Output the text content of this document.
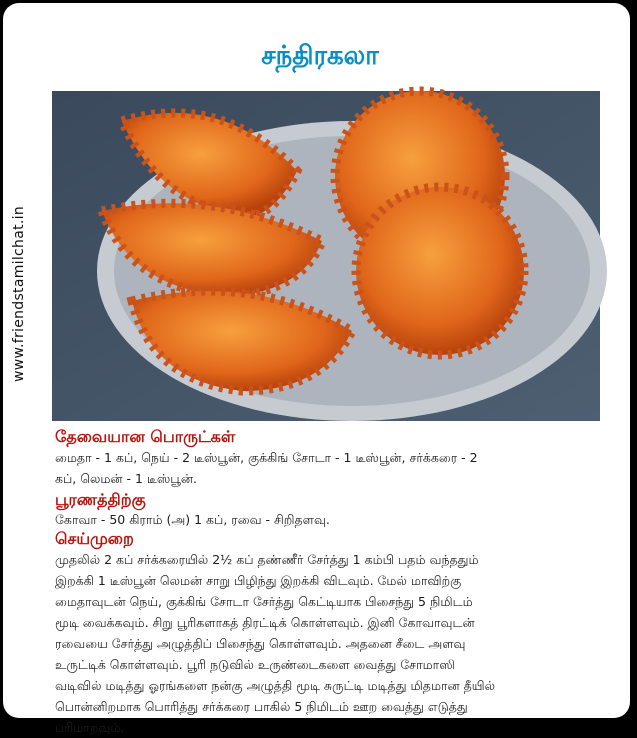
www.friendstamilchat.in
சந்திரகலா
தேவையான பொருட்கள்
மைதா - 1 கப், நெய் - 2 டீஸ்பூன், குக்கிங் சோடா - 1 டீஸ்பூன், சர்க்கரை - 2
கப், லெமன் - 1 டீஸ்பூன்.
பூரணத்திற்கு
கோவா - 50 கிராம் (அ) 1 கப், ரவை - சிறிதளவு.
செய்முறை
முதலில் 2 கப் சர்க்கரையில் 2½ கப் தண்ணீர் சேர்த்து 1 கம்பி பதம் வந்ததும்
இறக்கி 1 டீஸ்பூன் லெமன் சாறு பிழிந்து இறக்கி விடவும். மேல் மாவிற்கு
மைதாவுடன் நெய், குக்கிங் சோடா சேர்த்து கெட்டியாக பிசைந்து 5 நிமிடம்
மூடி வைக்கவும். சிறு பூரிகளாகத் திரட்டிக் கொள்ளவும். இனி கோவாவுடன்
ரவையை சேர்த்து அழுத்திப் பிசைந்து கொள்ளவும். அதனை சீடை அளவு
உருட்டிக் கொள்ளவும். பூரி நடுவில் உருண்டைகளை வைத்து சோமாஸி
வடிவில் மடித்து ஓரங்களை நன்கு அழுத்தி மூடி சுருட்டி மடித்து மிதமான தீயில்
பொன்னிறமாக பொரித்து சர்க்கரை பாகில் 5 நிமிடம் ஊற வைத்து எடுத்து
பரிமாறவும்.
